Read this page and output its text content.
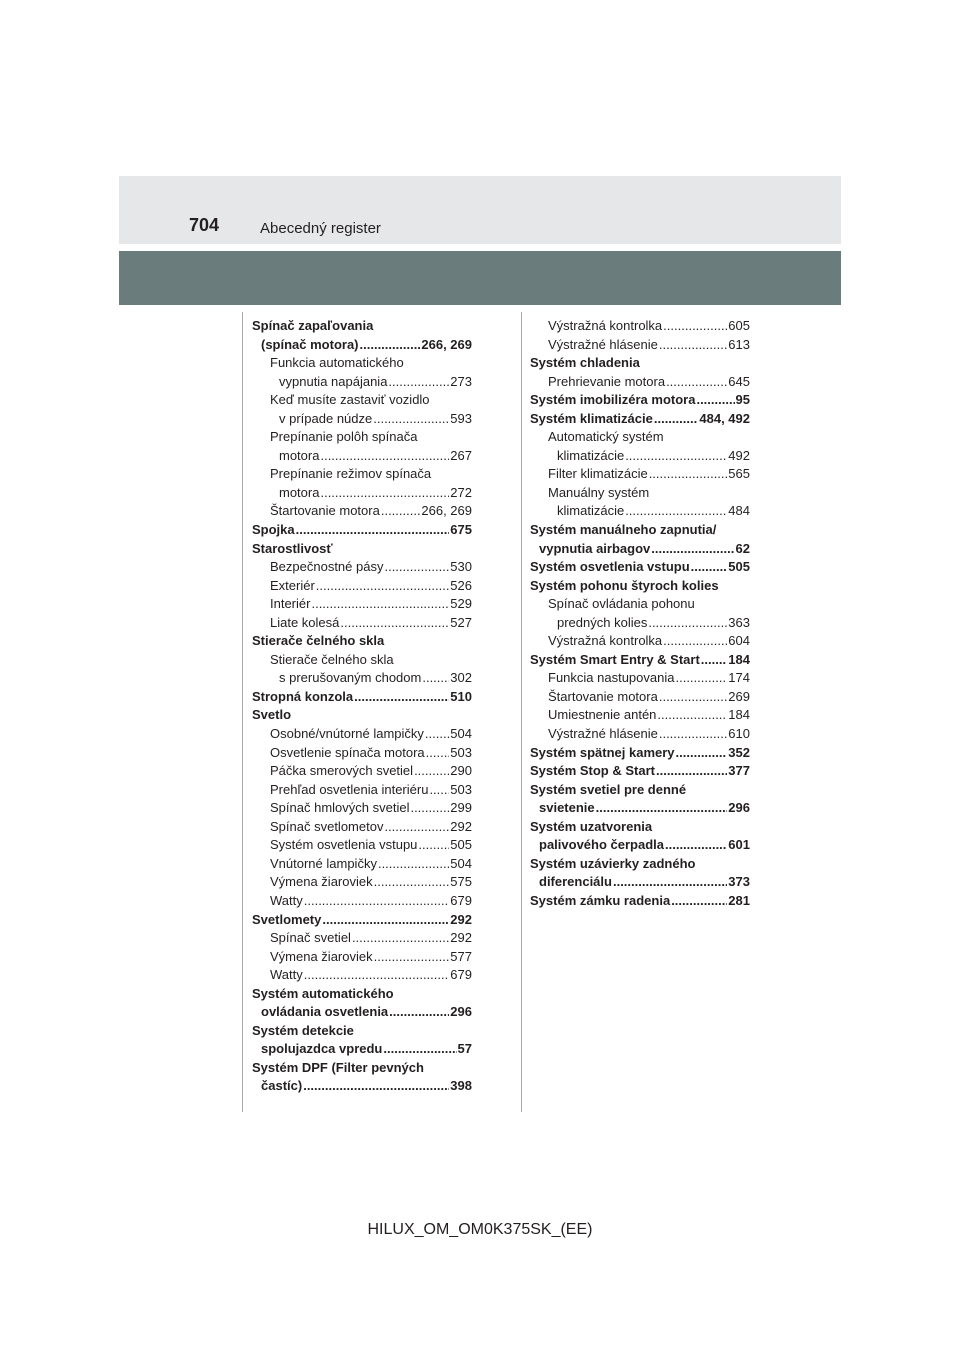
704	Abecedný register
Spínač zapaľovania
(spínač motora) .....	266, 269
Funkcia automatického
vypnutia napájania .....	273
Keď musíte zastaviť vozidlo
v prípade núdze .....	593
Prepínanie polôh spínača
motora .....	267
Prepínanie režimov spínača
motora .....	272
Štartovanie motora .....	266, 269
Spojka .....	675
Starostlivosť
Bezpečnostné pásy .....	530
Exteriér .....	526
Interiér .....	529
Liate kolesá .....	527
Stierače čelného skla
Stierače čelného skla
s prerušovaným chodom ..... 302
Stropná konzola .....	510
Svetlo
Osobné/vnútorné lampičky ..... 504
Osvetlenie spínača motora ..... 503
Páčka smerových svetiel .....	290
Prehľad osvetlenia interiéru ..... 503
Spínač hmlových svetiel .....	299
Spínač svetlometov .....	292
Systém osvetlenia vstupu .....	505
Vnútorné lampičky .....	504
Výmena žiaroviek .....	575
Watty .....	679
Svetlomety .....	292
Spínač svetiel .....	292
Výmena žiaroviek .....	577
Watty .....	679
Systém automatického
ovládania osvetlenia .....	296
Systém detekcie
spolujazdca vpredu .....	57
Systém DPF (Filter pevných
častíc) .....	398
Výstražná kontrolka .....	605
Výstražné hlásenie .....	613
Systém chladenia
Prehrievanie motora .....	645
Systém imobilizéra motora .....	95
Systém klimatizácie .....	484, 492
Automatický systém
klimatizácie .....	492
Filter klimatizácie .....	565
Manuálny systém
klimatizácie .....	484
Systém manuálneho zapnutia/
vypnutia airbagov .....	62
Systém osvetlenia vstupu .....	505
Systém pohonu štyroch kolies
Spínač ovládania pohonu
predných kolies .....	363
Výstražná kontrolka .....	604
Systém Smart Entry & Start ..... 184
Funkcia nastupovania .....	174
Štartovanie motora .....	269
Umiestnenie antén .....	184
Výstražné hlásenie .....	610
Systém spätnej kamery .....	352
Systém Stop & Start .....	377
Systém svetiel pre denné
svietenie .....	296
Systém uzatvorenia
palivového čerpadla .....	601
Systém uzávierky zadného
diferenciálu .....	373
Systém zámku radenia .....	281
HILUX_OM_OM0K375SK_(EE)
